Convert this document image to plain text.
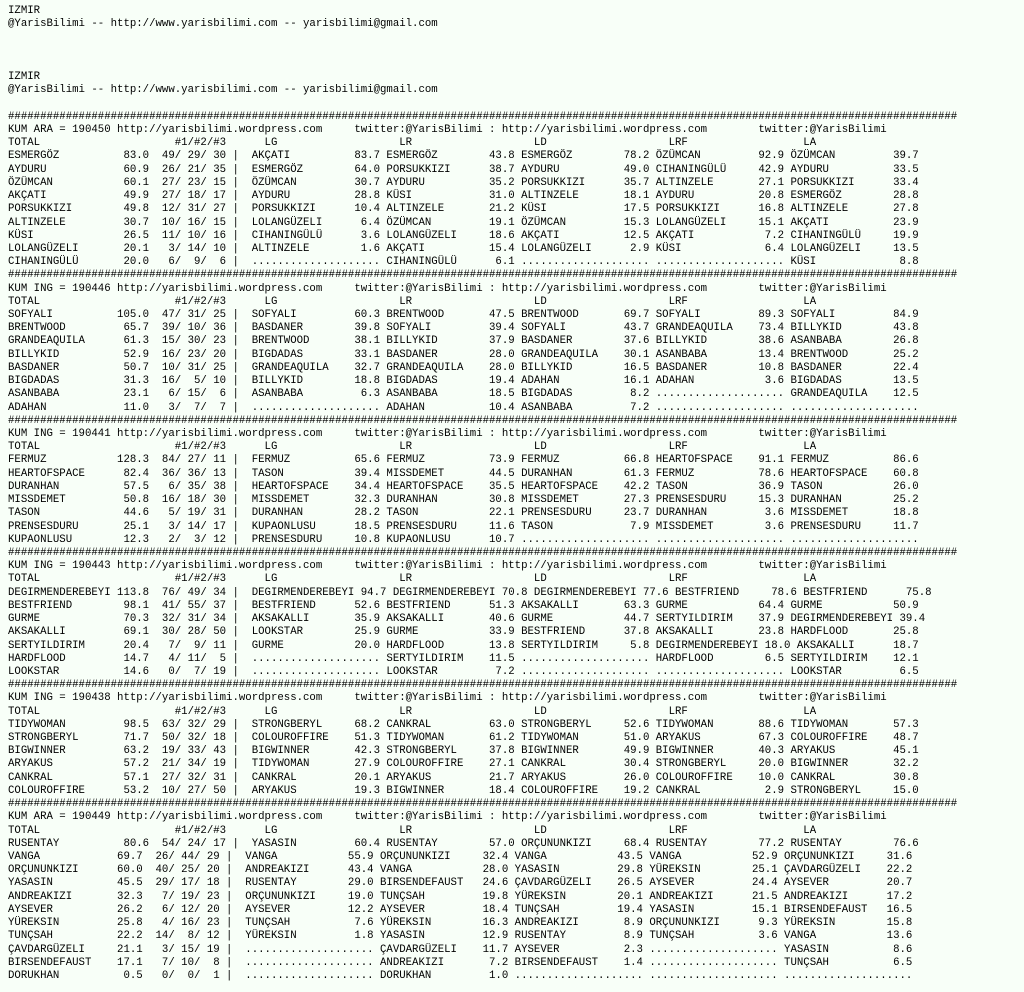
IZMIR
@YarisBilimi -- http://www.yarisbilimi.com -- yarisbilimi@gmail.com

IZMIR
@YarisBilimi -- http://www.yarisbilimi.com -- yarisbilimi@gmail.com

####################################################################################################################################################
KUM ARA = 190450 http://yarisbilimi.wordpress.com     twitter:@YarisBilimi : http://yarisbilimi.wordpress.com        twitter:@YarisBilimi
TOTAL                     #1/#2/#3      LG                   LR                   LD                   LRF                  LA
ESMERGÖZ          83.0  49/ 29/ 30 |  AKÇATI          83.7 ESMERGÖZ        43.8 ESMERGÖZ        78.2 ÖZÜMCAN         92.9 ÖZÜMCAN         39.7
AYDURU            60.9  26/ 21/ 35 |  ESMERGÖZ        64.0 PORSUKKIZI      38.7 AYDURU          49.0 CIHANINGÜLÜ     42.9 AYDURU          33.5
ÖZÜMCAN           60.1  27/ 23/ 15 |  ÖZÜMCAN         30.7 AYDURU          35.2 PORSUKKIZI      35.7 ALTINZELE       27.1 PORSUKKIZI      33.4
AKÇATI            49.9  27/ 18/ 17 |  AYDURU          28.8 KÜSI            31.0 ALTINZELE       18.1 AYDURU          20.8 ESMERGÖZ        28.8
PORSUKKIZI        49.8  12/ 31/ 27 |  PORSUKKIZI      10.4 ALTINZELE       21.2 KÜSI            17.5 PORSUKKIZI      16.8 ALTINZELE       27.8
ALTINZELE         30.7  10/ 16/ 15 |  LOLANGÜZELI      6.4 ÖZÜMCAN         19.1 ÖZÜMCAN         15.3 LOLANGÜZELI     15.1 AKÇATI          23.9
KÜSI              26.5  11/ 10/ 16 |  CIHANINGÜLÜ      3.6 LOLANGÜZELI     18.6 AKÇATI          12.5 AKÇATI           7.2 CIHANINGÜLÜ     19.9
LOLANGÜZELI       20.1   3/ 14/ 10 |  ALTINZELE        1.6 AKÇATI          15.4 LOLANGÜZELI      2.9 KÜSI             6.4 LOLANGÜZELI     13.5
CIHANINGÜLÜ       20.0   6/  9/  6 |  .................... CIHANINGÜLÜ      6.1 .................... .................... KÜSI             8.8
####################################################################################################################################################
KUM ING = 190446 http://yarisbilimi.wordpress.com     twitter:@YarisBilimi : http://yarisbilimi.wordpress.com        twitter:@YarisBilimi
TOTAL                     #1/#2/#3      LG                   LR                   LD                   LRF                  LA
SOFYALI          105.0  47/ 31/ 25 |  SOFYALI         60.3 BRENTWOOD       47.5 BRENTWOOD       69.7 SOFYALI         89.3 SOFYALI         84.9
BRENTWOOD         65.7  39/ 10/ 36 |  BASDANER        39.8 SOFYALI         39.4 SOFYALI         43.7 GRANDEAQUILA    73.4 BILLYKID        43.8
GRANDEAQUILA      61.3  15/ 30/ 23 |  BRENTWOOD       38.1 BILLYKID        37.9 BASDANER        37.6 BILLYKID        38.6 ASANBABA        26.8
BILLYKID          52.9  16/ 23/ 20 |  BIGDADAS        33.1 BASDANER        28.0 GRANDEAQUILA    30.1 ASANBABA        13.4 BRENTWOOD       25.2
BASDANER          50.7  10/ 31/ 25 |  GRANDEAQUILA    32.7 GRANDEAQUILA    28.0 BILLYKID        16.5 BASDANER        10.8 BASDANER        22.4
BIGDADAS          31.3  16/  5/ 10 |  BILLYKID        18.8 BIGDADAS        19.4 ADAHAN          16.1 ADAHAN           3.6 BIGDADAS        13.5
ASANBABA          23.1   6/ 15/  6 |  ASANBABA         6.3 ASANBABA        18.5 BIGDADAS         8.2 .................... GRANDEAQUILA    12.5
ADAHAN            11.0   3/  7/  7 |  .................... ADAHAN          10.4 ASANBABA         7.2 .................... ....................
####################################################################################################################################################
KUM ING = 190441 http://yarisbilimi.wordpress.com     twitter:@YarisBilimi : http://yarisbilimi.wordpress.com        twitter:@YarisBilimi
TOTAL                     #1/#2/#3      LG                   LR                   LD                   LRF                  LA
FERMUZ           128.3  84/ 27/ 11 |  FERMUZ          65.6 FERMUZ          73.9 FERMUZ          66.8 HEARTOFSPACE    91.1 FERMUZ          86.6
HEARTOFSPACE      82.4  36/ 36/ 13 |  TASON           39.4 MISSDEMET       44.5 DURANHAN        61.3 FERMUZ          78.6 HEARTOFSPACE    60.8
DURANHAN          57.5   6/ 35/ 38 |  HEARTOFSPACE    34.4 HEARTOFSPACE    35.5 HEARTOFSPACE    42.2 TASON           36.9 TASON           26.0
MISSDEMET         50.8  16/ 18/ 30 |  MISSDEMET       32.3 DURANHAN        30.8 MISSDEMET       27.3 PRENSESDURU     15.3 DURANHAN        25.2
TASON             44.6   5/ 19/ 31 |  DURANHAN        28.2 TASON           22.1 PRENSESDURU     23.7 DURANHAN         3.6 MISSDEMET       18.8
PRENSESDURU       25.1   3/ 14/ 17 |  KUPAONLUSU      18.5 PRENSESDURU     11.6 TASON            7.9 MISSDEMET        3.6 PRENSESDURU     11.7
KUPAONLUSU        12.3   2/  3/ 12 |  PRENSESDURU     10.8 KUPAONLUSU      10.7 .................... .................... ....................
####################################################################################################################################################
KUM ING = 190443 http://yarisbilimi.wordpress.com     twitter:@YarisBilimi : http://yarisbilimi.wordpress.com        twitter:@YarisBilimi
TOTAL                     #1/#2/#3      LG                   LR                   LD                   LRF                  LA
DEGIRMENDEREBEYI 113.8  76/ 49/ 34 |  DEGIRMENDEREBEYI 94.7 DEGIRMENDEREBEYI 70.8 DEGIRMENDEREBEYI 77.6 BESTFRIEND     78.6 BESTFRIEND      75.8
BESTFRIEND        98.1  41/ 55/ 37 |  BESTFRIEND      52.6 BESTFRIEND      51.3 AKSAKALLI       63.3 GURME           64.4 GURME           50.9
GURME             70.3  32/ 31/ 34 |  AKSAKALLI       35.9 AKSAKALLI       40.6 GURME           44.7 SERTYILDIRIM    37.9 DEGIRMENDEREBEYI 39.4
AKSAKALLI         69.1  30/ 28/ 50 |  LOOKSTAR        25.9 GURME           33.9 BESTFRIEND      37.8 AKSAKALLI       23.8 HARDFLOOD       25.8
SERTYILDIRIM      20.4   7/  9/ 11 |  GURME           20.0 HARDFLOOD       13.8 SERTYILDIRIM     5.8 DEGIRMENDEREBEYI 18.0 AKSAKALLI      18.7
HARDFLOOD         14.7   4/ 11/  5 |  .................... SERTYILDIRIM    11.5 .................... HARDFLOOD        6.5 SERTYILDIRIM    12.1
LOOKSTAR          14.6   0/  7/ 19 |  .................... LOOKSTAR         7.2 .................... .................... LOOKSTAR         6.5
####################################################################################################################################################
KUM ING = 190438 http://yarisbilimi.wordpress.com     twitter:@YarisBilimi : http://yarisbilimi.wordpress.com        twitter:@YarisBilimi
TOTAL                     #1/#2/#3      LG                   LR                   LD                   LRF                  LA
TIDYWOMAN         98.5  63/ 32/ 29 |  STRONGBERYL     68.2 CANKRAL         63.0 STRONGBERYL     52.6 TIDYWOMAN       88.6 TIDYWOMAN       57.3
STRONGBERYL       71.7  50/ 32/ 18 |  COLOUROFFIRE    51.3 TIDYWOMAN       61.2 TIDYWOMAN       51.0 ARYAKUS         67.3 COLOUROFFIRE    48.7
BIGWINNER         63.2  19/ 33/ 43 |  BIGWINNER       42.3 STRONGBERYL     37.8 BIGWINNER       49.9 BIGWINNER       40.3 ARYAKUS         45.1
ARYAKUS           57.2  21/ 34/ 19 |  TIDYWOMAN       27.9 COLOUROFFIRE    27.1 CANKRAL         30.4 STRONGBERYL     20.0 BIGWINNER       32.2
CANKRAL           57.1  27/ 32/ 31 |  CANKRAL         20.1 ARYAKUS         21.7 ARYAKUS         26.0 COLOUROFFIRE    10.0 CANKRAL         30.8
COLOUROFFIRE      53.2  10/ 27/ 50 |  ARYAKUS         19.3 BIGWINNER       18.4 COLOUROFFIRE    19.2 CANKRAL          2.9 STRONGBERYL     15.0
####################################################################################################################################################
KUM ARA = 190449 http://yarisbilimi.wordpress.com     twitter:@YarisBilimi : http://yarisbilimi.wordpress.com        twitter:@YarisBilimi
TOTAL                     #1/#2/#3      LG                   LR                   LD                   LRF                  LA
RUSENTAY          80.6  54/ 24/ 17 |  YASASIN         60.4 RUSENTAY        57.0 ORÇUNUNKIZI     68.4 RUSENTAY        77.2 RUSENTAY        76.6
VANGA            69.7  26/ 44/ 29 |  VANGA           55.9 ORÇUNUNKIZI     32.4 VANGA           43.5 VANGA           52.9 ORÇUNUNKIZI     31.6
ORÇUNUNKIZI      60.0  40/ 25/ 20 |  ANDREAKIZI      43.4 VANGA           28.0 YASASIN         29.8 YÜREKSIN        25.1 ÇAVDARGÜZELI    22.2
YASASIN          45.5  29/ 17/ 18 |  RUSENTAY        29.0 BIRSENDEFAUST   24.6 ÇAVDARGÜZELI    26.5 AYSEVER         24.4 AYSEVER         20.7
ANDREAKIZI       32.3   7/ 19/ 23 |  ORÇUNUNKIZI     19.0 TUNÇSAH         19.8 YÜREKSIN        20.1 ANDREAKIZI      21.5 ANDREAKIZI      17.2
AYSEVER          26.2   6/ 12/ 20 |  AYSEVER         12.2 AYSEVER         18.4 TUNÇSAH         19.4 YASASIN         15.1 BIRSENDEFAUST   16.5
YÜREKSIN         25.8   4/ 16/ 23 |  TUNÇSAH          7.6 YÜREKSIN        16.3 ANDREAKIZI       8.9 ORÇUNUNKIZI      9.3 YÜREKSIN        15.8
TUNÇSAH          22.2  14/  8/ 12 |  YÜREKSIN         1.8 YASASIN         12.9 RUSENTAY         8.9 TUNÇSAH          3.6 VANGA           13.6
ÇAVDARGÜZELI     21.1   3/ 15/ 19 |  .................... ÇAVDARGÜZELI    11.7 AYSEVER          2.3 .................... YASASIN          8.6
BIRSENDEFAUST    17.1   7/ 10/  8 |  .................... ANDREAKIZI       7.2 BIRSENDEFAUST    1.4 .................... TUNÇSAH          6.5
DORUKHAN          0.5   0/  0/  1 |  .................... DORUKHAN         1.0 .................... .................... ....................
